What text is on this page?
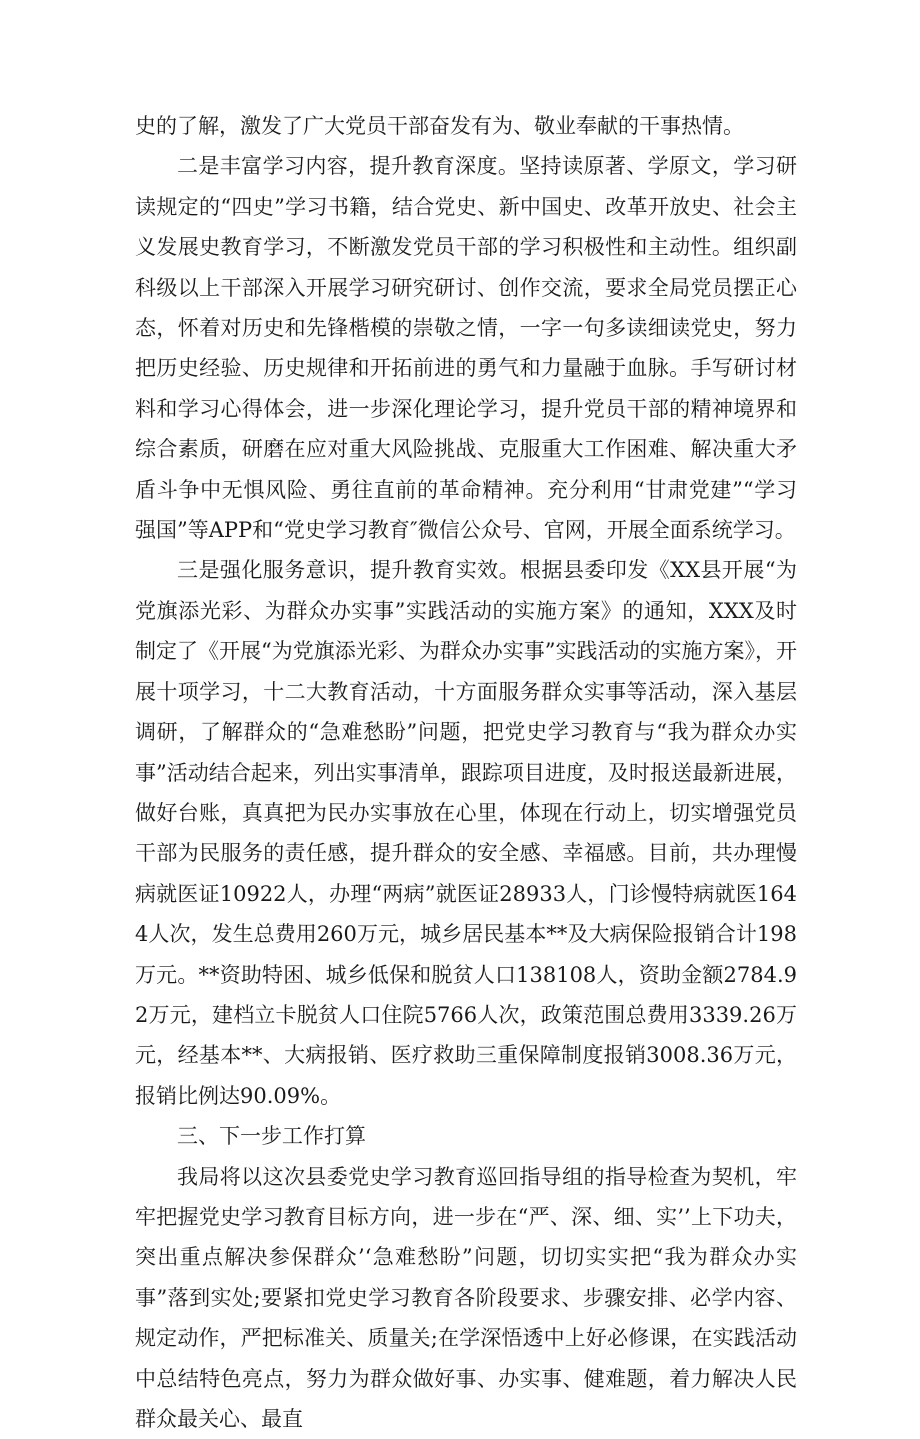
史的了解，激发了广大党员干部奋发有为、敬业奉献的干事热情。

二是丰富学习内容，提升教育深度。坚持读原著、学原文，学习研读规定的“四史”学习书籍，结合党史、新中国史、改革开放史、社会主义发展史教育学习，不断激发党员干部的学习积极性和主动性。组织副科级以上干部深入开展学习研究研讨、创作交流，要求全局党员摆正心态，怀着对历史和先锋楷模的崇敬之情，一字一句多读细读党史，努力把历史经验、历史规律和开拓前进的勇气和力量融于血脉。手写研讨材料和学习心得体会，进一步深化理论学习，提升党员干部的精神境界和综合素质，研磨在应对重大风险挑战、克服重大工作困难、解决重大矛盾斗争中无惧风险、勇往直前的革命精神。充分利用“甘肃党建”“学习强国”等APP和“党史学习教育″微信公众号、官网，开展全面系统学习。

三是强化服务意识，提升教育实效。根据县委印发《XX县开展“为党旗添光彩、为群众办实事”实践活动的实施方案》的通知，XXX及时制定了《开展“为党旗添光彩、为群众办实事”实践活动的实施方案》，开展十项学习，十二大教育活动，十方面服务群众实事等活动，深入基层调研，了解群众的“急难愁盼”问题，把党史学习教育与“我为群众办实事”活动结合起来，列出实事清单，跟踪项目进度，及时报送最新进展，做好台账，真真把为民办实事放在心里，体现在行动上，切实增强党员干部为民服务的责任感，提升群众的安全感、幸福感。目前，共办理慢病就医证10922人，办理“两病”就医证28933人，门诊慢特病就医1644人次，发生总费用260万元，城乡居民基本**及大病保险报销合计198万元。**资助特困、城乡低保和脱贫人口138108人，资助金额2784.92万元，建档立卡脱贫人口住院5766人次，政策范围总费用3339.26万元，经基本**、大病报销、医疗救助三重保障制度报销3008.36万元，报销比例达90.09%。

三、下一步工作打算

我局将以这次县委党史学习教育巡回指导组的指导检查为契机，牢牢把握党史学习教育目标方向，进一步在“严、深、细、实’’上下功夫，突出重点解决参保群众’‘急难愁盼”问题，切切实实把“我为群众办实事”落到实处;要紧扣党史学习教育各阶段要求、步骤安排、必学内容、规定动作，严把标准关、质量关;在学深悟透中上好必修课，在实践活动中总结特色亮点，努力为群众做好事、办实事、健难题，着力解决人民群众最关心、最直
